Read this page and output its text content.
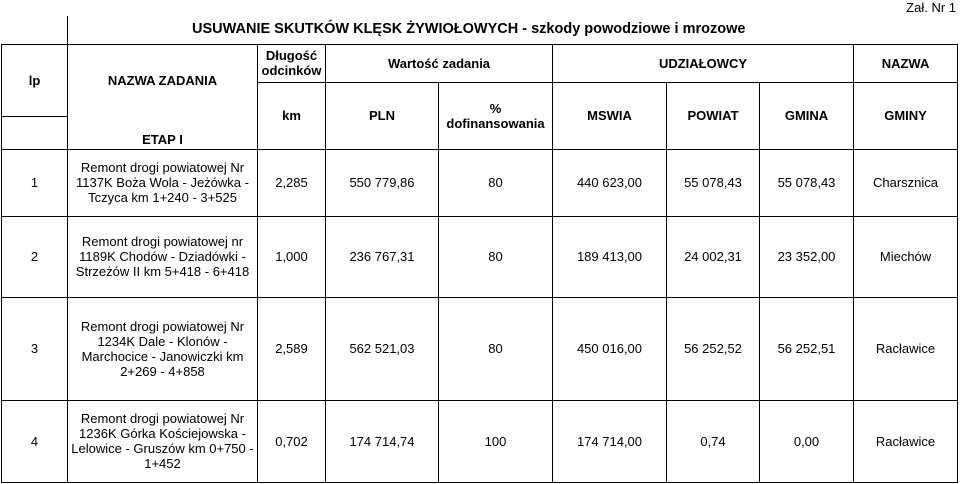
Zał. Nr 1
	USUWANIE SKUTKÓW KLĘSK ŻYWIOŁOWYCH - szkody powodziowe i mrozowe							
lp	NAZWA ZADANIA	Długość odcinków	Wartość zadania		UDZIAŁOWCY			NAZWA
		km	PLN	% dofinansowania	MSWIA	POWIAT	GMINA	GMINY
	ETAP I							
1	Remont drogi powiatowej Nr 1137K Boża Wola - Jeżówka - Tczyca km 1+240 - 3+525	2,285	550 779,86	80	440 623,00	55 078,43	55 078,43	Charsznica
2	Remont drogi powiatowej nr 1189K Chodów - Dziadówki - Strzeżów II km 5+418 - 6+418	1,000	236 767,31	80	189 413,00	24 002,31	23 352,00	Miechów
3	Remont drogi powiatowej Nr 1234K Dale - Klonów - Marchocice - Janowiczki km 2+269 - 4+858	2,589	562 521,03	80	450 016,00	56 252,52	56 252,51	Racławice
4	Remont drogi powiatowej Nr 1236K Górka Kościejowska - Lelowice - Gruszów km 0+750 - 1+452	0,702	174 714,74	100	174 714,00	0,74	0,00	Racławice
